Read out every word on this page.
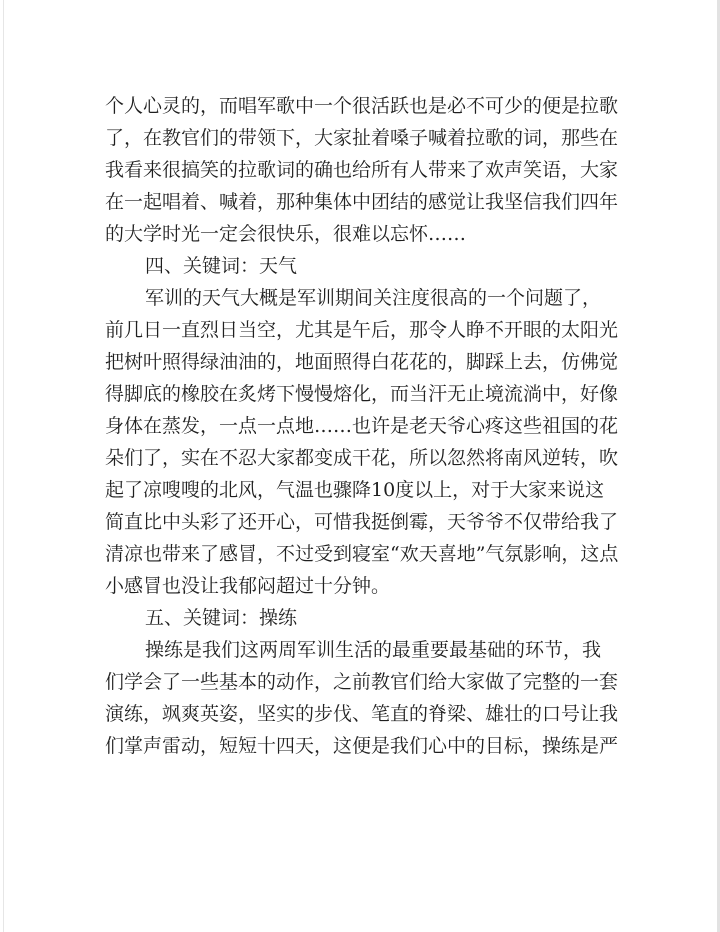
个人心灵的，而唱军歌中一个很活跃也是必不可少的便是拉歌
了，在教官们的带领下，大家扯着嗓子喊着拉歌的词，那些在
我看来很搞笑的拉歌词的确也给所有人带来了欢声笑语，大家
在一起唱着、喊着，那种集体中团结的感觉让我坚信我们四年
的大学时光一定会很快乐，很难以忘怀……
四、关键词：天气
军训的天气大概是军训期间关注度很高的一个问题了，
前几日一直烈日当空，尤其是午后，那令人睁不开眼的太阳光
把树叶照得绿油油的，地面照得白花花的，脚踩上去，仿佛觉
得脚底的橡胶在炙烤下慢慢熔化，而当汗无止境流淌中，好像
身体在蒸发，一点一点地……也许是老天爷心疼这些祖国的花
朵们了，实在不忍大家都变成干花，所以忽然将南风逆转，吹
起了凉嗖嗖的北风，气温也骤降10度以上，对于大家来说这
简直比中头彩了还开心，可惜我挺倒霉，天爷爷不仅带给我了
清凉也带来了感冒，不过受到寝室“欢天喜地”气氛影响，这点
小感冒也没让我郁闷超过十分钟。
五、关键词：操练
操练是我们这两周军训生活的最重要最基础的环节，我
们学会了一些基本的动作，之前教官们给大家做了完整的一套
演练，飒爽英姿，坚实的步伐、笔直的脊梁、雄壮的口号让我
们掌声雷动，短短十四天，这便是我们心中的目标，操练是严
